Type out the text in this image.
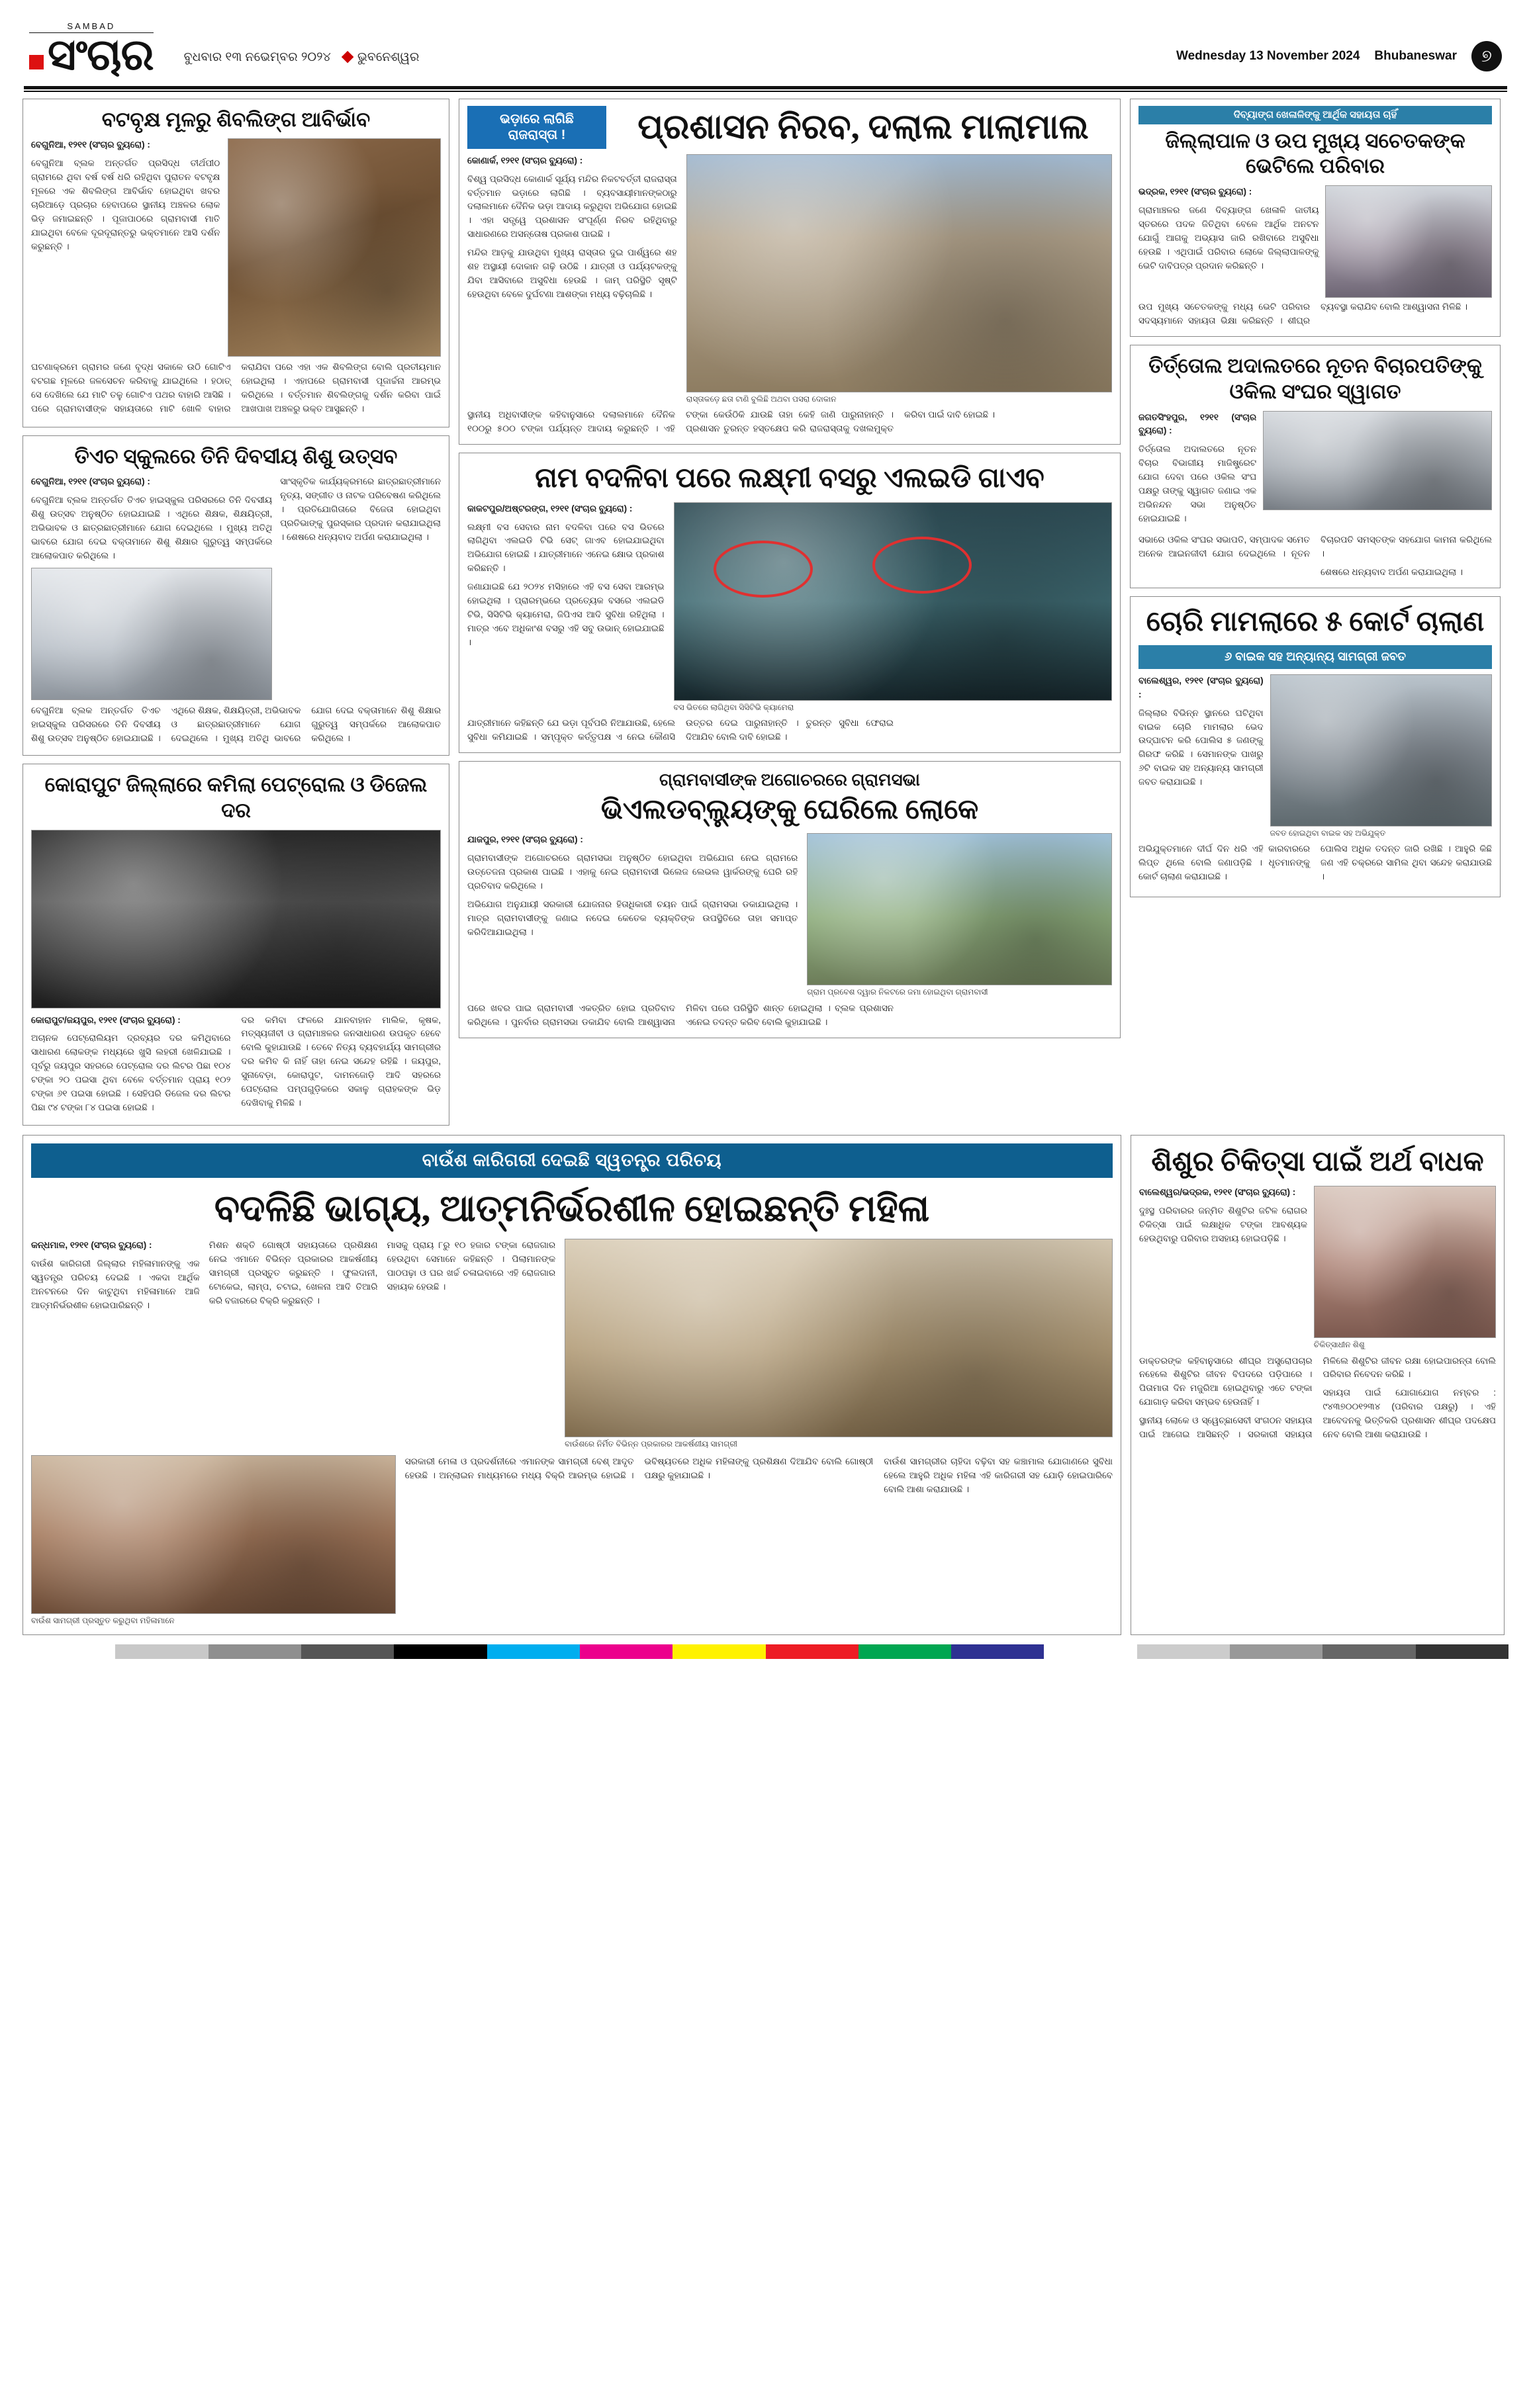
SAMBAD
ସଂଚାର ବୁଧବାର ୧୩ ନଭେମ୍ବର ୨୦୨୪ ◆ ଭୁବନେଶ୍ୱର	Wednesday 13 November 2024 Bhubaneswar	୭
ବଟବୃକ୍ଷ ମୂଳରୁ ଶିବଲିଙ୍ଗ ଆବିର୍ଭାବ

ବେଗୁନିଆ, ୧୨୧୧ (ସଂଚାର ବ୍ୟୁରୋ) :

ବେଗୁନିଆ ବ୍ଲକ ଅନ୍ତର୍ଗତ ପ୍ରସିଦ୍ଧ ତୀର୍ଥପୀଠ ଗ୍ରାମରେ ଥିବା ବର୍ଷ ବର୍ଷ ଧରି ରହିଥିବା ପୁରାତନ ବଟବୃକ୍ଷ ମୂଳରେ ଏକ ଶିବଲିଙ୍ଗ ଆବିର୍ଭାବ ହୋଇଥିବା ଖବର ଚାରିଆଡ଼େ ପ୍ରଚାର ହେବାପରେ ସ୍ଥାନୀୟ ଅଞ୍ଚଳର ଲୋକ ଭିଡ଼ ଜମାଇଛନ୍ତି । ପୂଜାପାଠରେ ଗ୍ରାମବାସୀ ମାତି ଯାଇଥିବା ବେଳେ ଦୂରଦୂରାନ୍ତରୁ ଭକ୍ତମାନେ ଆସି ଦର୍ଶନ କରୁଛନ୍ତି ।

ଘଟଣାକ୍ରମେ ଗ୍ରାମର ଜଣେ ବୃଦ୍ଧ ସକାଳେ ଉଠି ଗୋଟିଏ ବଟଗଛ ମୂଳରେ ଜଳସେଚନ କରିବାକୁ ଯାଇଥିଲେ । ହଠାତ୍‌ ସେ ଦେଖିଲେ ଯେ ମାଟି ତଳୁ ଗୋଟିଏ ପଥର ବାହାରି ଆସିଛି । ପରେ ଗ୍ରାମବାସୀଙ୍କ ସହାୟତାରେ ମାଟି ଖୋଳି ବାହାର କରାଯିବା ପରେ ଏହା ଏକ ଶିବଲିଙ୍ଗ ବୋଲି ପ୍ରତୀୟମାନ ହୋଇଥିଲା । ଏହାପରେ ଗ୍ରାମବାସୀ ପୂଜାର୍ଚ୍ଚନା ଆରମ୍ଭ କରିଥିଲେ । ବର୍ତ୍ତମାନ ଶିବଲିଙ୍ଗକୁ ଦର୍ଶନ କରିବା ପାଇଁ ଆଖପାଖ ଅଞ୍ଚଳରୁ ଭକ୍ତ ଆସୁଛନ୍ତି ।

ତିଏଚ ସ୍କୁଲରେ ତିନି ଦିବସୀୟ ଶିଶୁ ଉତ୍ସବ

ବେଗୁନିଆ, ୧୨୧୧ (ସଂଚାର ବ୍ୟୁରୋ) :

ବେଗୁନିଆ ବ୍ଲକ ଅନ୍ତର୍ଗତ ତିଏଚ ହାଇସ୍କୁଲ ପରିସରରେ ତିନି ଦିବସୀୟ ଶିଶୁ ଉତ୍ସବ ଅନୁଷ୍ଠିତ ହୋଇଯାଇଛି । ଏଥିରେ ଶିକ୍ଷକ, ଶିକ୍ଷୟିତ୍ରୀ, ଅଭିଭାବକ ଓ ଛାତ୍ରଛାତ୍ରୀମାନେ ଯୋଗ ଦେଇଥିଲେ । ମୁଖ୍ୟ ଅତିଥି ଭାବରେ ଯୋଗ ଦେଇ ବକ୍ତାମାନେ ଶିଶୁ ଶିକ୍ଷାର ଗୁରୁତ୍ୱ ସମ୍ପର୍କରେ ଆଲୋକପାତ କରିଥିଲେ ।

ସାଂସ୍କୃତିକ କାର୍ଯ୍ୟକ୍ରମରେ ଛାତ୍ରଛାତ୍ରୀମାନେ ନୃତ୍ୟ, ସଙ୍ଗୀତ ଓ ନାଟକ ପରିବେଷଣ କରିଥିଲେ । ପ୍ରତିଯୋଗିତାରେ ବିଜେତା ହୋଇଥିବା ପ୍ରତିଭାଙ୍କୁ ପୁରସ୍କାର ପ୍ରଦାନ କରାଯାଇଥିଲା । ଶେଷରେ ଧନ୍ୟବାଦ ଅର୍ପଣ କରାଯାଇଥିଲା ।

ବେଗୁନିଆ ବ୍ଲକ ଅନ୍ତର୍ଗତ ତିଏଚ ହାଇସ୍କୁଲ ପରିସରରେ ତିନି ଦିବସୀୟ ଶିଶୁ ଉତ୍ସବ ଅନୁଷ୍ଠିତ ହୋଇଯାଇଛି । ଏଥିରେ ଶିକ୍ଷକ, ଶିକ୍ଷୟିତ୍ରୀ, ଅଭିଭାବକ ଓ ଛାତ୍ରଛାତ୍ରୀମାନେ ଯୋଗ ଦେଇଥିଲେ । ମୁଖ୍ୟ ଅତିଥି ଭାବରେ ଯୋଗ ଦେଇ ବକ୍ତାମାନେ ଶିଶୁ ଶିକ୍ଷାର ଗୁରୁତ୍ୱ ସମ୍ପର୍କରେ ଆଲୋକପାତ କରିଥିଲେ ।

କୋରାପୁଟ ଜିଲ୍ଲାରେ କମିଲା ପେଟ୍ରୋଲ ଓ ଡିଜେଲ ଦର

କୋରାପୁଟ/ଜୟପୁର, ୧୨୧୧ (ସଂଚାର ବ୍ୟୁରୋ) :

ଅଚାନକ ପେଟ୍ରୋଲିୟମ ଦ୍ରବ୍ୟର ଦର କମିଥିବାରେ ସାଧାରଣ ଲୋକଙ୍କ ମଧ୍ୟରେ ଖୁସି ଲହରୀ ଖେଳିଯାଇଛି । ପୂର୍ବରୁ ଜୟପୁର ସହରରେ ପେଟ୍ରୋଲ ଦର ଲିଟର ପିଛା ୧୦୪ ଟଙ୍କା ୨୦ ପଇସା ଥିବା ବେଳେ ବର୍ତ୍ତମାନ ପ୍ରାୟ ୧୦୨ ଟଙ୍କା ୬୧ ପଇସା ହୋଇଛି । ସେହିପରି ଡିଜେଲ ଦର ଲିଟର ପିଛା ୯୪ ଟଙ୍କା ୮୪ ପଇସା ହୋଇଛି ।

ଦର କମିବା ଫଳରେ ଯାନବାହାନ ମାଲିକ, କୃଷକ, ମତ୍ସ୍ୟଜୀବୀ ଓ ଗ୍ରାମାଞ୍ଚଳର ଜନସାଧାରଣ ଉପକୃତ ହେବେ ବୋଲି କୁହାଯାଉଛି । ତେବେ ନିତ୍ୟ ବ୍ୟବହାର୍ଯ୍ୟ ସାମଗ୍ରୀର ଦର କମିବ କି ନାହିଁ ତାହା ନେଇ ସନ୍ଦେହ ରହିଛି । ଜୟପୁର, ସୁନାବେଡ଼ା, କୋରାପୁଟ, ଦାମନଜୋଡ଼ି ଆଦି ସହରରେ ପେଟ୍ରୋଲ ପମ୍ପଗୁଡ଼ିକରେ ସକାଳୁ ଗ୍ରାହକଙ୍କ ଭିଡ଼ ଦେଖିବାକୁ ମିଳିଛି ।

ଭଡ଼ାରେ ଲାଗିଛି ରାଜରାସ୍ତା !	ପ୍ରଶାସନ ନିରବ, ଦଲାଲ ମାଲାମାଲ

କୋଣାର୍କ, ୧୨୧୧ (ସଂଚାର ବ୍ୟୁରୋ) :

ବିଶ୍ୱ ପ୍ରସିଦ୍ଧ କୋଣାର୍କ ସୂର୍ଯ୍ୟ ମନ୍ଦିର ନିକଟବର୍ତ୍ତୀ ରାଜରାସ୍ତା ବର୍ତ୍ତମାନ ଭଡ଼ାରେ ଲାଗିଛି । ବ୍ୟବସାୟୀମାନଙ୍କଠାରୁ ଦଲାଲମାନେ ଦୈନିକ ଭଡ଼ା ଆଦାୟ କରୁଥିବା ଅଭିଯୋଗ ହୋଇଛି । ଏହା ସତ୍ତ୍ୱେ ପ୍ରଶାସନ ସଂପୂର୍ଣ୍ଣ ନିରବ ରହିଥିବାରୁ ସାଧାରଣରେ ଅସନ୍ତୋଷ ପ୍ରକାଶ ପାଇଛି ।

ମନ୍ଦିର ଆଡ଼କୁ ଯାଉଥିବା ମୁଖ୍ୟ ରାସ୍ତାର ଦୁଇ ପାର୍ଶ୍ୱରେ ଶହ ଶହ ଅସ୍ଥାୟୀ ଦୋକାନ ଗଢ଼ି ଉଠିଛି । ଯାତ୍ରୀ ଓ ପର୍ଯ୍ୟଟକଙ୍କୁ ଯିବା ଆସିବାରେ ଅସୁବିଧା ହେଉଛି । ଜାମ୍‌ ପରିସ୍ଥିତି ସୃଷ୍ଟି ହେଉଥିବା ବେଳେ ଦୁର୍ଘଟଣା ଆଶଙ୍କା ମଧ୍ୟ ବଢ଼ିଚାଲିଛି ।

ରାସ୍ତାକଡ଼େ ଛତା ଟାଣି ବୁଲିଛି ଅଥବା ପସରା ଦୋକାନ

ସ୍ଥାନୀୟ ଅଧିବାସୀଙ୍କ କହିବାନୁସାରେ ଦଲାଲମାନେ ଦୈନିକ ୧୦୦ରୁ ୫୦୦ ଟଙ୍କା ପର୍ଯ୍ୟନ୍ତ ଆଦାୟ କରୁଛନ୍ତି । ଏହି ଟଙ୍କା କେଉଁଠିକି ଯାଉଛି ତାହା କେହି ଜାଣି ପାରୁନାହାନ୍ତି । ପ୍ରଶାସନ ତୁରନ୍ତ ହସ୍ତକ୍ଷେପ କରି ରାଜରାସ୍ତାକୁ ଦଖଲମୁକ୍ତ କରିବା ପାଇଁ ଦାବି ହୋଇଛି ।

ନାମ ବଦଳିବା ପରେ ଲକ୍ଷ୍ମୀ ବସରୁ ଏଲଇଡି ଗାଏବ

କାକଟପୁର/ଅଷ୍ଟରଙ୍ଗ, ୧୨୧୧ (ସଂଚାର ବ୍ୟୁରୋ) :

ଲକ୍ଷ୍ମୀ ବସ ସେବାର ନାମ ବଦଳିବା ପରେ ବସ ଭିତରେ ଲାଗିଥିବା ଏଲଇଡି ଟିଭି ସେଟ୍‌ ଗାଏବ ହୋଇଯାଇଥିବା ଅଭିଯୋଗ ହୋଇଛି । ଯାତ୍ରୀମାନେ ଏନେଇ କ୍ଷୋଭ ପ୍ରକାଶ କରିଛନ୍ତି ।

ଜଣାଯାଇଛି ଯେ ୨୦୨୪ ମସିହାରେ ଏହି ବସ ସେବା ଆରମ୍ଭ ହୋଇଥିଲା । ପ୍ରାରମ୍ଭରେ ପ୍ରତ୍ୟେକ ବସରେ ଏଲଇଡି ଟିଭି, ସିସିଟିଭି କ୍ୟାମେରା, ଜିପିଏସ ଆଦି ସୁବିଧା ରହିଥିଲା । ମାତ୍ର ଏବେ ଅଧିକାଂଶ ବସରୁ ଏହି ସବୁ ଉଭାନ୍‌ ହୋଇଯାଇଛି ।

ବସ ଭିତରେ ଲାଗିଥିବା ସିସିଟିଭି କ୍ୟାମେରା

ଯାତ୍ରୀମାନେ କହିଛନ୍ତି ଯେ ଭଡ଼ା ପୂର୍ବପରି ନିଆଯାଉଛି, ହେଲେ ସୁବିଧା କମିଯାଇଛି । ସମ୍ପୃକ୍ତ କର୍ତ୍ତୃପକ୍ଷ ଏ ନେଇ କୌଣସି ଉତ୍ତର ଦେଇ ପାରୁନାହାନ୍ତି । ତୁରନ୍ତ ସୁବିଧା ଫେରାଇ ଦିଆଯିବ ବୋଲି ଦାବି ହୋଇଛି ।

ଗ୍ରାମବାସୀଙ୍କ ଅଗୋଚରରେ ଗ୍ରାମସଭା
ଭିଏଲଡବ୍ଲ୍ୟୁଙ୍କୁ ଘେରିଲେ ଲୋକେ

ଯାଜପୁର, ୧୨୧୧ (ସଂଚାର ବ୍ୟୁରୋ) :

ଗ୍ରାମବାସୀଙ୍କ ଅଗୋଚରରେ ଗ୍ରାମସଭା ଅନୁଷ୍ଠିତ ହୋଇଥିବା ଅଭିଯୋଗ ନେଇ ଗ୍ରାମରେ ଉତ୍ତେଜନା ପ୍ରକାଶ ପାଇଛି । ଏହାକୁ ନେଇ ଗ୍ରାମବାସୀ ଭିଲେଜ ଲେଭଲ ୱାର୍କରଙ୍କୁ ଘେରି ରହି ପ୍ରତିବାଦ କରିଥିଲେ ।

ଅଭିଯୋଗ ଅନୁଯାୟୀ ସରକାରୀ ଯୋଜନାର ହିତାଧିକାରୀ ଚୟନ ପାଇଁ ଗ୍ରାମସଭା ଡକାଯାଇଥିଲା । ମାତ୍ର ଗ୍ରାମବାସୀଙ୍କୁ ଜଣାଇ ନଦେଇ କେତେକ ବ୍ୟକ୍ତିଙ୍କ ଉପସ୍ଥିତିରେ ତାହା ସମାପ୍ତ କରିଦିଆଯାଇଥିଲା ।

ଗ୍ରାମ ପ୍ରବେଶ ଦ୍ୱାର ନିକଟରେ ଜମା ହୋଇଥିବା ଗ୍ରାମବାସୀ

ପରେ ଖବର ପାଇ ଗ୍ରାମବାସୀ ଏକତ୍ରିତ ହୋଇ ପ୍ରତିବାଦ କରିଥିଲେ । ପୁନର୍ବାର ଗ୍ରାମସଭା ଡକାଯିବ ବୋଲି ଆଶ୍ୱାସନା ମିଳିବା ପରେ ପରିସ୍ଥିତି ଶାନ୍ତ ହୋଇଥିଲା । ବ୍ଲକ ପ୍ରଶାସନ ଏନେଇ ତଦନ୍ତ କରିବ ବୋଲି କୁହାଯାଇଛି ।

ଦିବ୍ୟାଙ୍ଗ ଖେଳାଳିଙ୍କୁ ଆର୍ଥିକ ସହାୟତା ଚାହିଁ
ଜିଲ୍ଲାପାଳ ଓ ଉପ ମୁଖ୍ୟ ସଚେତକଙ୍କ ଭେଟିଲେ ପରିବାର

ଭଦ୍ରକ, ୧୨୧୧ (ସଂଚାର ବ୍ୟୁରୋ) :

ଗ୍ରାମାଞ୍ଚଳର ଜଣେ ଦିବ୍ୟାଙ୍ଗ ଖେଳାଳି ଜାତୀୟ ସ୍ତରରେ ପଦକ ଜିତିଥିବା ବେଳେ ଆର୍ଥିକ ଅନଟନ ଯୋଗୁଁ ଆଗକୁ ଅଭ୍ୟାସ ଜାରି ରଖିବାରେ ଅସୁବିଧା ହେଉଛି । ଏଥିପାଇଁ ପରିବାର ଲୋକେ ଜିଲ୍ଲାପାଳଙ୍କୁ ଭେଟି ଦାବିପତ୍ର ପ୍ରଦାନ କରିଛନ୍ତି ।

ଉପ ମୁଖ୍ୟ ସଚେତକଙ୍କୁ ମଧ୍ୟ ଭେଟି ପରିବାର ସଦସ୍ୟମାନେ ସହାୟତା ଭିକ୍ଷା କରିଛନ୍ତି । ଶୀଘ୍ର ବ୍ୟବସ୍ଥା କରାଯିବ ବୋଲି ଆଶ୍ୱାସନା ମିଳିଛି ।

ତିର୍ତ୍ତୋଲ ଅଦାଲତରେ ନୂତନ ବିଚାରପତିଙ୍କୁ ଓକିଲ ସଂଘର ସ୍ୱାଗତ

ଜଗତସିଂହପୁର, ୧୨୧୧ (ସଂଚାର ବ୍ୟୁରୋ) :

ତିର୍ତ୍ତୋଲ ଅଦାଲତରେ ନୂତନ ବିଚାର ବିଭାଗୀୟ ମାଜିଷ୍ଟ୍ରେଟ ଯୋଗ ଦେବା ପରେ ଓକିଲ ସଂଘ ପକ୍ଷରୁ ତାଙ୍କୁ ସ୍ୱାଗତ ଜଣାଇ ଏକ ଅଭିନନ୍ଦନ ସଭା ଅନୁଷ୍ଠିତ ହୋଇଯାଇଛି ।

ସଭାରେ ଓକିଲ ସଂଘର ସଭାପତି, ସମ୍ପାଦକ ସମେତ ଅନେକ ଆଇନଜୀବୀ ଯୋଗ ଦେଇଥିଲେ । ନୂତନ ବିଚାରପତି ସମସ୍ତଙ୍କ ସହଯୋଗ କାମନା କରିଥିଲେ ।

ଶେଷରେ ଧନ୍ୟବାଦ ଅର୍ପଣ କରାଯାଇଥିଲା ।

ଚୋରି ମାମଲାରେ ୫ କୋର୍ଟ ଚାଲାଣ
୬ ବାଇକ ସହ ଅନ୍ୟାନ୍ୟ ସାମଗ୍ରୀ ଜବତ

ବାଲେଶ୍ୱର, ୧୨୧୧ (ସଂଚାର ବ୍ୟୁରୋ) :

ଜିଲ୍ଲାର ବିଭିନ୍ନ ସ୍ଥାନରେ ଘଟିଥିବା ବାଇକ ଚୋରି ମାମଲାର ଭେଦ ଉଦ୍‌ଘାଟନ କରି ପୋଲିସ ୫ ଜଣଙ୍କୁ ଗିରଫ କରିଛି । ସେମାନଙ୍କ ପାଖରୁ ୬ଟି ବାଇକ ସହ ଅନ୍ୟାନ୍ୟ ସାମଗ୍ରୀ ଜବତ କରାଯାଇଛି ।

ଜବତ ହୋଇଥିବା ବାଇକ ସହ ଅଭିଯୁକ୍ତ

ଅଭିଯୁକ୍ତମାନେ ଦୀର୍ଘ ଦିନ ଧରି ଏହି କାରବାରରେ ଲିପ୍ତ ଥିଲେ ବୋଲି ଜଣାପଡ଼ିଛି । ଧୃତମାନଙ୍କୁ କୋର୍ଟ ଚାଲାଣ କରାଯାଇଛି ।

ପୋଲିସ ଅଧିକ ତଦନ୍ତ ଜାରି ରଖିଛି । ଆହୁରି କିଛି ଜଣ ଏହି ଚକ୍ରରେ ସାମିଲ ଥିବା ସନ୍ଦେହ କରାଯାଉଛି ।

ବାଉଁଶ କାରିଗରୀ ଦେଇଛି ସ୍ୱତନ୍ତ୍ର ପରିଚୟ
ବଦଳିଛି ଭାଗ୍ୟ, ଆତ୍ମନିର୍ଭରଶୀଳ ହୋଇଛନ୍ତି ମହିଳା

କନ୍ଧମାଳ, ୧୨୧୧ (ସଂଚାର ବ୍ୟୁରୋ) :

ବାଉଁଶ କାରିଗରୀ ଜିଲ୍ଲାର ମହିଳାମାନଙ୍କୁ ଏକ ସ୍ୱତନ୍ତ୍ର ପରିଚୟ ଦେଇଛି । ଏକଦା ଆର୍ଥିକ ଅନଟନରେ ଦିନ କାଟୁଥିବା ମହିଳାମାନେ ଆଜି ଆତ୍ମନିର୍ଭରଶୀଳ ହୋଇପାରିଛନ୍ତି ।

ମିଶନ ଶକ୍ତି ଗୋଷ୍ଠୀ ସହାୟତାରେ ପ୍ରଶିକ୍ଷଣ ନେଇ ଏମାନେ ବିଭିନ୍ନ ପ୍ରକାରର ଆକର୍ଷଣୀୟ ସାମଗ୍ରୀ ପ୍ରସ୍ତୁତ କରୁଛନ୍ତି । ଫୁଲଦାନୀ, ଟୋକେଇ, ଲାମ୍ପ, ଚଟାଇ, ଖେଳନା ଆଦି ତିଆରି କରି ବଜାରରେ ବିକ୍ରି କରୁଛନ୍ତି ।

ମାସକୁ ପ୍ରାୟ ୮ରୁ ୧୦ ହଜାର ଟଙ୍କା ରୋଜଗାର ହେଉଥିବା ସେମାନେ କହିଛନ୍ତି । ପିଲାମାନଙ୍କ ପାଠପଢ଼ା ଓ ଘର ଖର୍ଚ୍ଚ ଚଳାଇବାରେ ଏହି ରୋଜଗାର ସହାୟକ ହେଉଛି ।

ବାଉଁଶରେ ନିର୍ମିତ ବିଭିନ୍ନ ପ୍ରକାରର ଆକର୍ଷଣୀୟ ସାମଗ୍ରୀ
ବାଉଁଶ ସାମଗ୍ରୀ ପ୍ରସ୍ତୁତ କରୁଥିବା ମହିଳାମାନେ

ସରକାରୀ ମେଳା ଓ ପ୍ରଦର୍ଶନୀରେ ଏମାନଙ୍କ ସାମଗ୍ରୀ ବେଶ୍‌ ଆଦୃତ ହେଉଛି । ଅନ୍‌ଲାଇନ ମାଧ୍ୟମରେ ମଧ୍ୟ ବିକ୍ରି ଆରମ୍ଭ ହୋଇଛି । ଭବିଷ୍ୟତରେ ଅଧିକ ମହିଳାଙ୍କୁ ପ୍ରଶିକ୍ଷଣ ଦିଆଯିବ ବୋଲି ଗୋଷ୍ଠୀ ପକ୍ଷରୁ କୁହାଯାଇଛି ।

ବାଉଁଶ ସାମଗ୍ରୀର ଚାହିଦା ବଢ଼ିବା ସହ କଞ୍ଚାମାଲ ଯୋଗାଣରେ ସୁବିଧା ହେଲେ ଆହୁରି ଅଧିକ ମହିଳା ଏହି କାରିଗରୀ ସହ ଯୋଡ଼ି ହୋଇପାରିବେ ବୋଲି ଆଶା କରାଯାଉଛି ।

ଶିଶୁର ଚିକିତ୍ସା ପାଇଁ ଅର୍ଥ ବାଧକ

ବାଲେଶ୍ୱର/ଭଦ୍ରକ, ୧୨୧୧ (ସଂଚାର ବ୍ୟୁରୋ) :

ଦୁଃସ୍ଥ ପରିବାରର ଜନ୍ମିତ ଶିଶୁଟିର ଜଟିଳ ରୋଗର ଚିକିତ୍ସା ପାଇଁ ଲକ୍ଷାଧିକ ଟଙ୍କା ଆବଶ୍ୟକ ହେଉଥିବାରୁ ପରିବାର ଅସହାୟ ହୋଇପଡ଼ିଛି ।

ଚିକିତ୍ସାଧୀନ ଶିଶୁ

ଡାକ୍ତରଙ୍କ କହିବାନୁସାରେ ଶୀଘ୍ର ଅସ୍ତ୍ରୋପଚାର ନହେଲେ ଶିଶୁଟିର ଜୀବନ ବିପଦରେ ପଡ଼ିପାରେ । ପିତାମାତା ଦିନ ମଜୁରିଆ ହୋଇଥିବାରୁ ଏତେ ଟଙ୍କା ଯୋଗାଡ଼ କରିବା ସମ୍ଭବ ହେଉନାହିଁ ।

ସ୍ଥାନୀୟ ଲୋକେ ଓ ସ୍ୱେଚ୍ଛାସେବୀ ସଂଗଠନ ସହାୟତା ପାଇଁ ଆଗେଇ ଆସିଛନ୍ତି । ସରକାରୀ ସହାୟତା ମିଳିଲେ ଶିଶୁଟିର ଜୀବନ ରକ୍ଷା ହୋଇପାରନ୍ତା ବୋଲି ପରିବାର ନିବେଦନ କରିଛି ।

ସହାୟତା ପାଇଁ ଯୋଗାଯୋଗ ନମ୍ବର : ୯୪୩୭୦୦୧୨୩୪ (ପରିବାର ପକ୍ଷରୁ) । ଏହି ଆବେଦନକୁ ଭିତ୍ତିକରି ପ୍ରଶାସନ ଶୀଘ୍ର ପଦକ୍ଷେପ ନେବ ବୋଲି ଆଶା କରାଯାଉଛି ।
